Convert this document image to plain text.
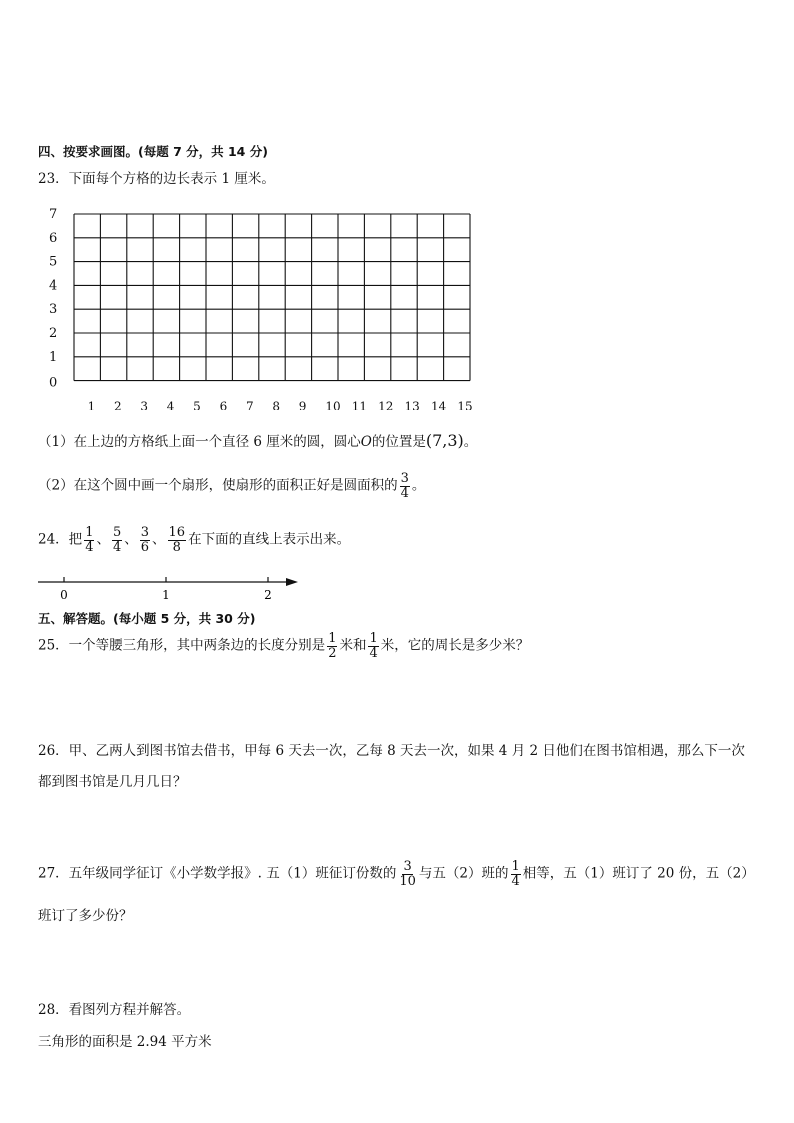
四、按要求画图。(每题 7 分，共 14 分)
23．下面每个方格的边长表示 1 厘米。
7
6
5
4
3
2
1
0
1 2 3 4 5 6 7 8 9 10 11 12 13 14 15
（1）在上边的方格纸上面一个直径 6 厘米的圆，圆心O的位置是(7,3)。
（2）在这个圆中画一个扇形，使扇形的面积正好是圆面积的 $\frac{3}{4}$ 。
24．把 $\frac{1}{4}$ 、 $\frac{5}{4}$ 、 $\frac{3}{6}$ 、 $\frac{16}{8}$ 在下面的直线上表示出来。
0	1	2
五、解答题。(每小题 5 分，共 30 分)
25．一个等腰三角形，其中两条边的长度分别是 $\frac{1}{2}$ 米和 $\frac{1}{4}$ 米，它的周长是多少米？
26．甲、乙两人到图书馆去借书，甲每 6 天去一次，乙每 8 天去一次，如果 4 月 2 日他们在图书馆相遇，那么下一次
都到图书馆是几月几日？
27．五年级同学征订《小学数学报》. 五（1）班征订份数的 $\frac{3}{10}$ 与五（2）班的 $\frac{1}{4}$ 相等，五（1）班订了 20 份，五（2）
班订了多少份？
28．看图列方程并解答。
三角形的面积是 2.94 平方米
